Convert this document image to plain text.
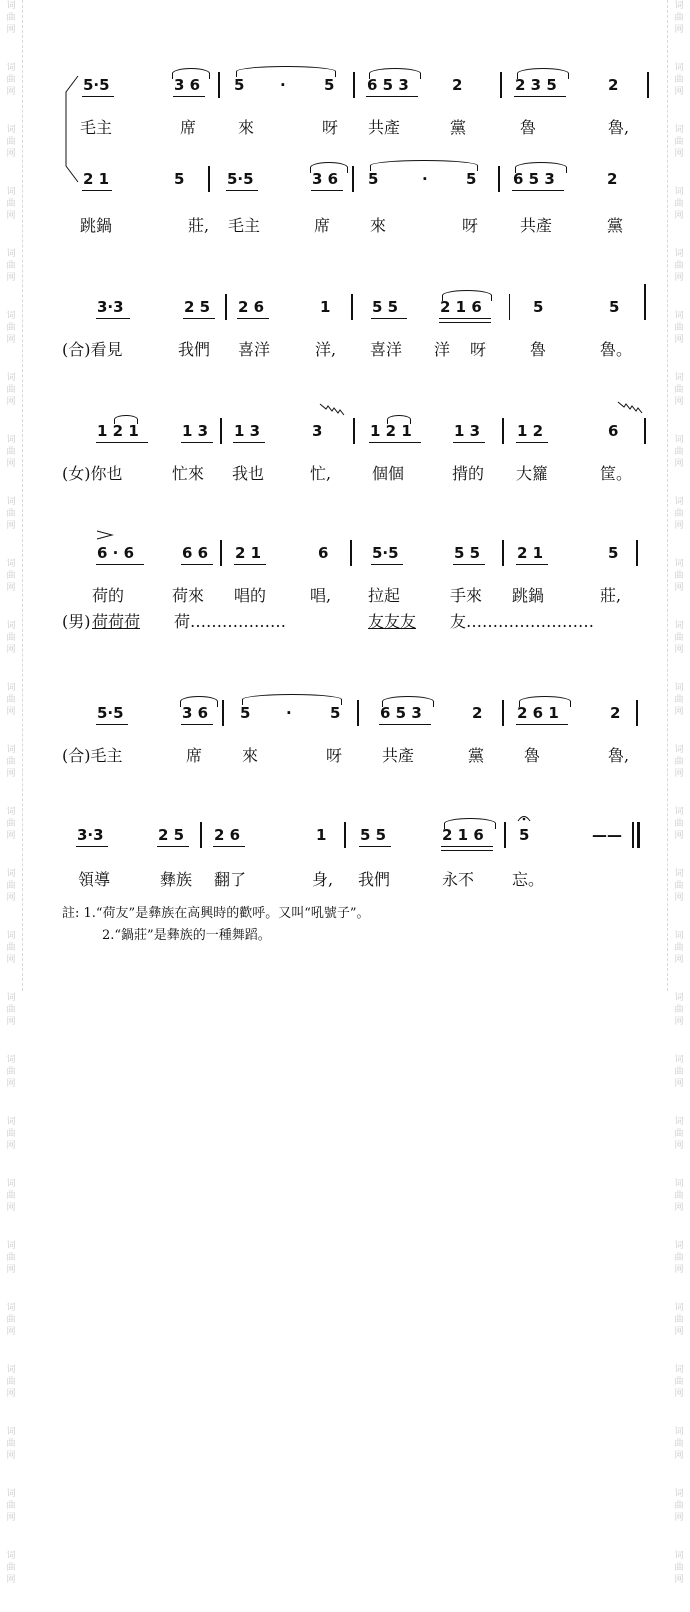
词
曲
网
词
曲
网
词
曲
网
词
曲
网
词
曲
网
词
曲
网
词
曲
网
词
曲
网
词
曲
网
词
曲
网
词
曲
网
词
曲
网
词
曲
网
词
曲
网
词
曲
网
词
曲
网
词
曲
网
词
曲
网
词
曲
网
词
曲
网
词
曲
网
词
曲
网
词
曲
网
词
曲
网
词
曲
网
词
曲
网
词
曲
网
词
曲
网
词
曲
网
词
曲
网
词
曲
网
词
曲
网
词
曲
网
词
曲
网
词
曲
网
词
曲
网
词
曲
网
词
曲
网
词
曲
网
词
曲
网
词
曲
网
词
曲
网
词
曲
网
词
曲
网
词
曲
网
词
曲
网
词
曲
网
词
曲
网
词
曲
网
词
曲
网
词
曲
网
词
曲
网
5·5	3 6 5 ·	5 6 5 3	2	2 3 5	2
毛主	席	來	呀 共產	黨	魯	魯,
2 1	5	5·5	3 6 5	·	5 6 5 3	2
跳鍋	莊, 毛主	席 來	呀	共產	黨
3·3	2 5 2 6	1	5 5	2 1 6	5	5
(合)看見	我們 喜洋	洋, 喜洋 洋 呀	魯	魯。
1 2 1	1 3 1 3	3	1 2 1	1 3 1 2	6
(女)你也	忙來 我也	忙,	個個	揹的 大籮	筐。
6 · 6	6 6 2 1	6	5·5	5 5 2 1	5
荷的	荷來 唱的	唱, 拉起	手來 跳鍋	莊,
(男) 荷荷荷 荷………………	友友友 友……………………
5·5	3 6 5 ·	5	6 5 3	2 2 6 1	2
(合)毛主	席 來	呀 共產	黨 魯	魯,
3·3	2 5 2 6	1 5 5	2 1 6 5	——
領導	彝族 翻了	身, 我們	永不 忘。
註: 1.“荷友”是彝族在高興時的歡呼。又叫“吼號子”。
2.“鍋莊”是彝族的一種舞蹈。
